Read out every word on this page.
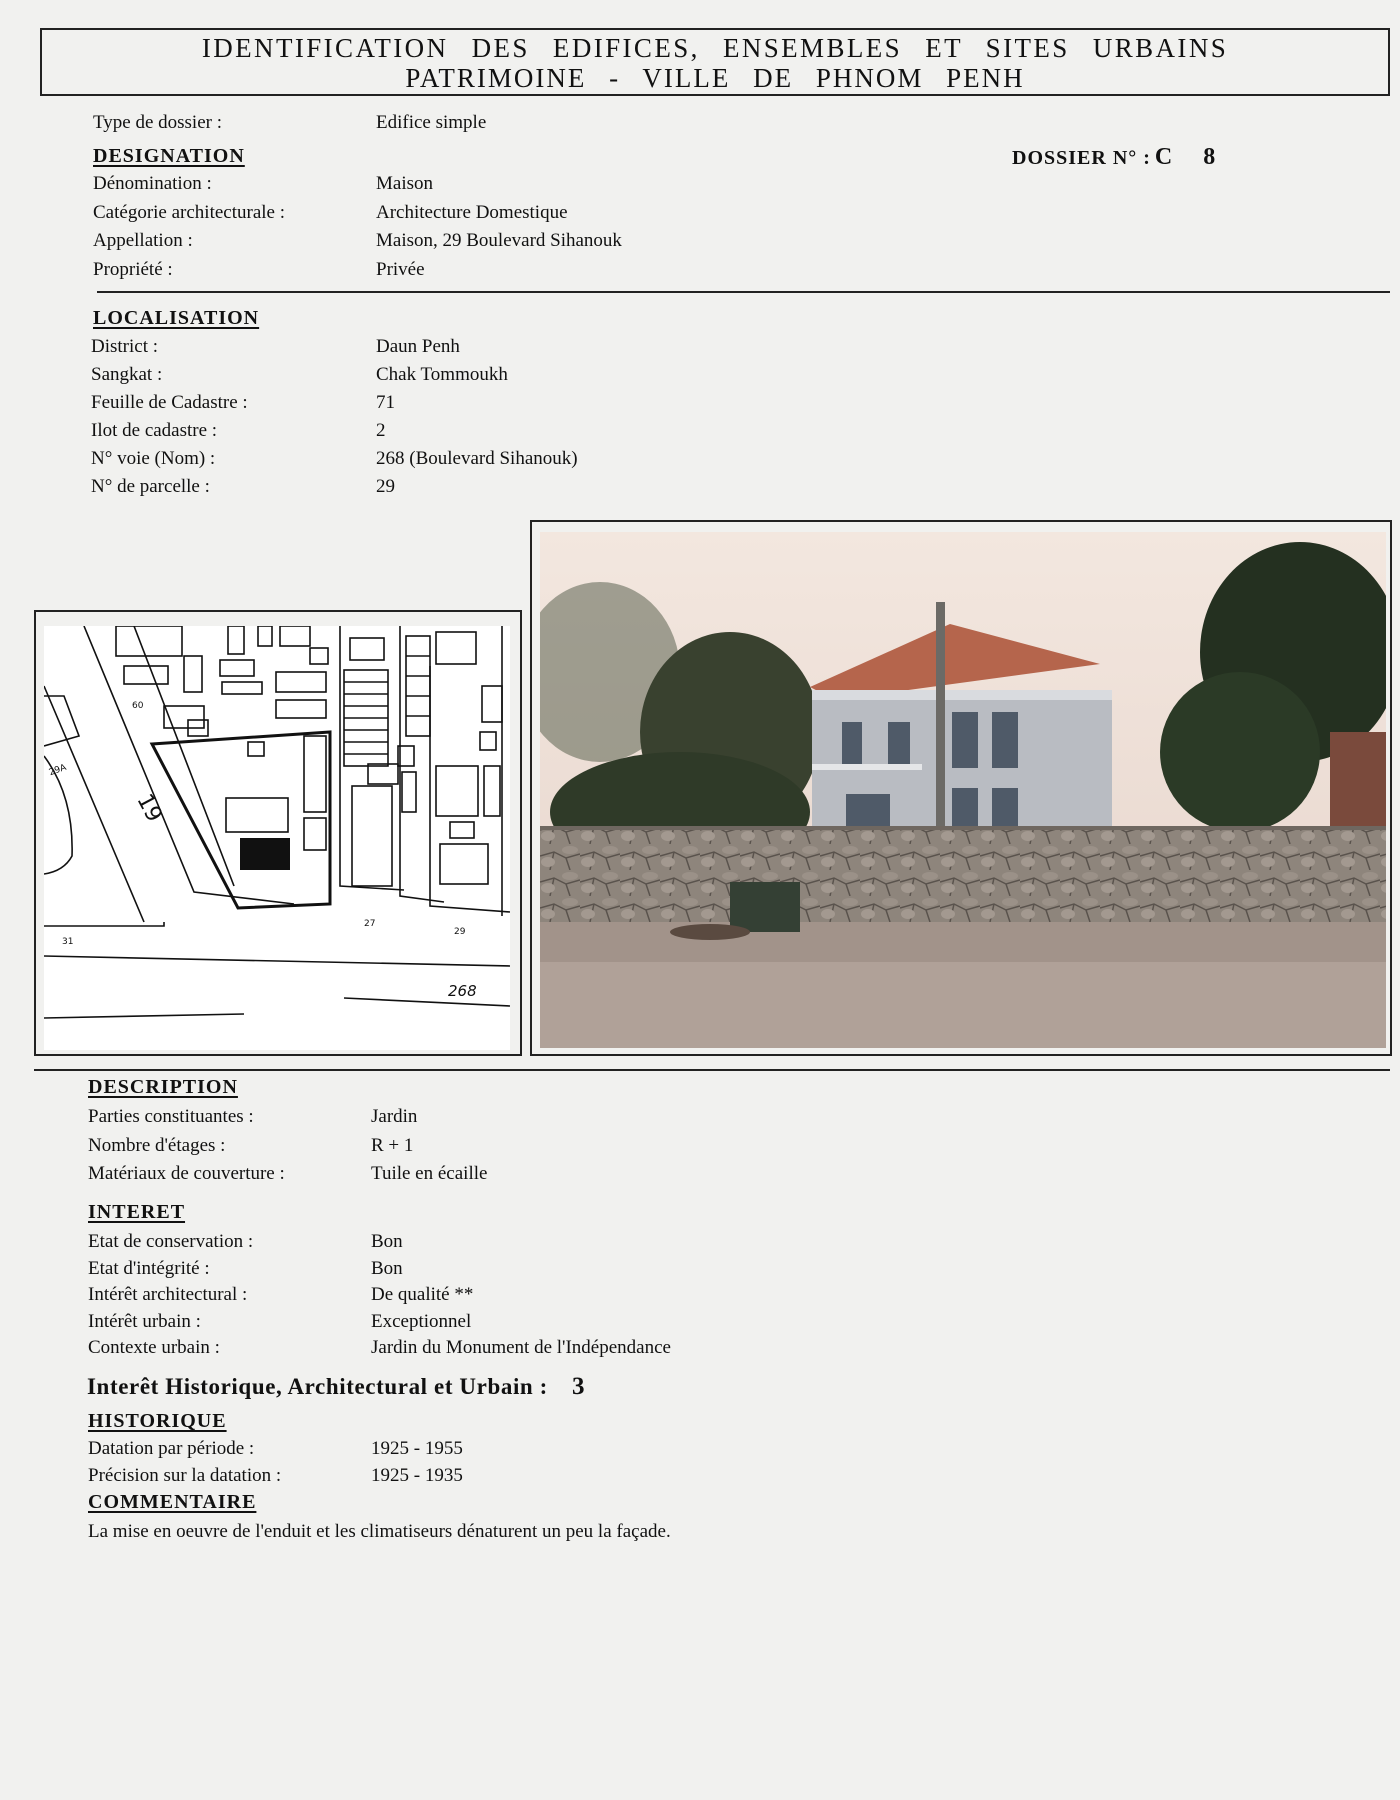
IDENTIFICATION DES EDIFICES, ENSEMBLES ET SITES URBAINS
PATRIMOINE - VILLE DE PHNOM PENH
Type de dossier :	Edifice simple
DESIGNATION	DOSSIER N° : C 8
Dénomination :	Maison
Catégorie architecturale :	Architecture Domestique
Appellation :	Maison, 29 Boulevard Sihanouk
Propriété :	Privée
LOCALISATION
District :	Daun Penh
Sangkat :	Chak Tommoukh
Feuille de Cadastre :	71
Ilot de cadastre :	2
N° voie (Nom) :	268 (Boulevard Sihanouk)
N° de parcelle :	29
19
268
31
27
29
60
29A
DESCRIPTION
Parties constituantes :	Jardin
Nombre d'étages :	R + 1
Matériaux de couverture :	Tuile en écaille
INTERET
Etat de conservation :	Bon
Etat d'intégrité :	Bon
Intérêt architectural :	De qualité **
Intérêt urbain :	Exceptionnel
Contexte urbain :	Jardin du Monument de l'Indépendance
Interêt Historique, Architectural et Urbain : 3
HISTORIQUE
Datation par période :	1925 - 1955
Précision sur la datation :	1925 - 1935
COMMENTAIRE
La mise en oeuvre de l'enduit et les climatiseurs dénaturent un peu la façade.
